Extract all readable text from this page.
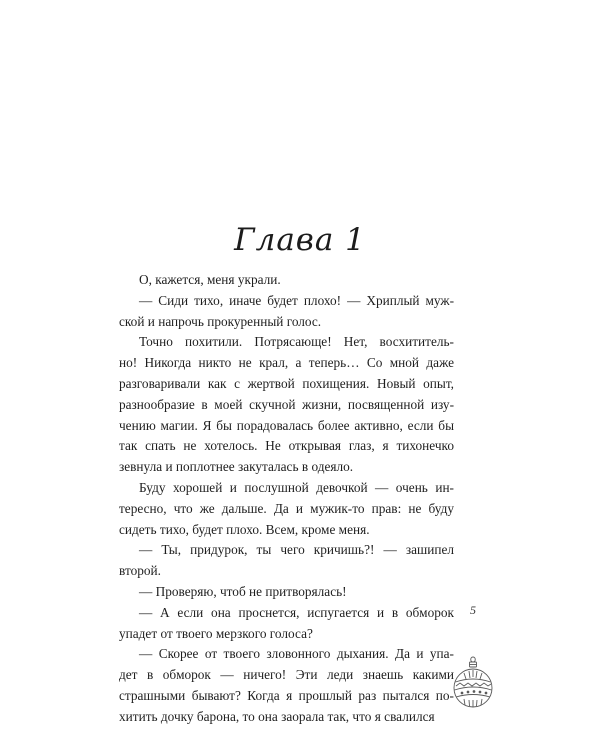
Глава 1
О, кажется, меня украли.
— Сиди тихо, иначе будет плохо! — Хриплый муж-
ской и напрочь прокуренный голос.
Точно похитили. Потрясающе! Нет, восхититель-
но! Никогда никто не крал, а теперь… Со мной даже
разговаривали как с жертвой похищения. Новый опыт,
разнообразие в моей скучной жизни, посвященной изу-
чению магии. Я бы порадовалась более активно, если бы
так спать не хотелось. Не открывая глаз, я тихонечко
зевнула и поплотнее закуталась в одеяло.
Буду хорошей и послушной девочкой — очень ин-
тересно, что же дальше. Да и мужик-то прав: не буду
сидеть тихо, будет плохо. Всем, кроме меня.
— Ты, придурок, ты чего кричишь?! — зашипел
второй.
— Проверяю, чтоб не притворялась!
— А если она проснется, испугается и в обморок
упадет от твоего мерзкого голоса?
— Скорее от твоего зловонного дыхания. Да и упа-
дет в обморок — ничего! Эти леди знаешь какими
страшными бывают? Когда я прошлый раз пытался по-
хитить дочку барона, то она заорала так, что я свалился
5
